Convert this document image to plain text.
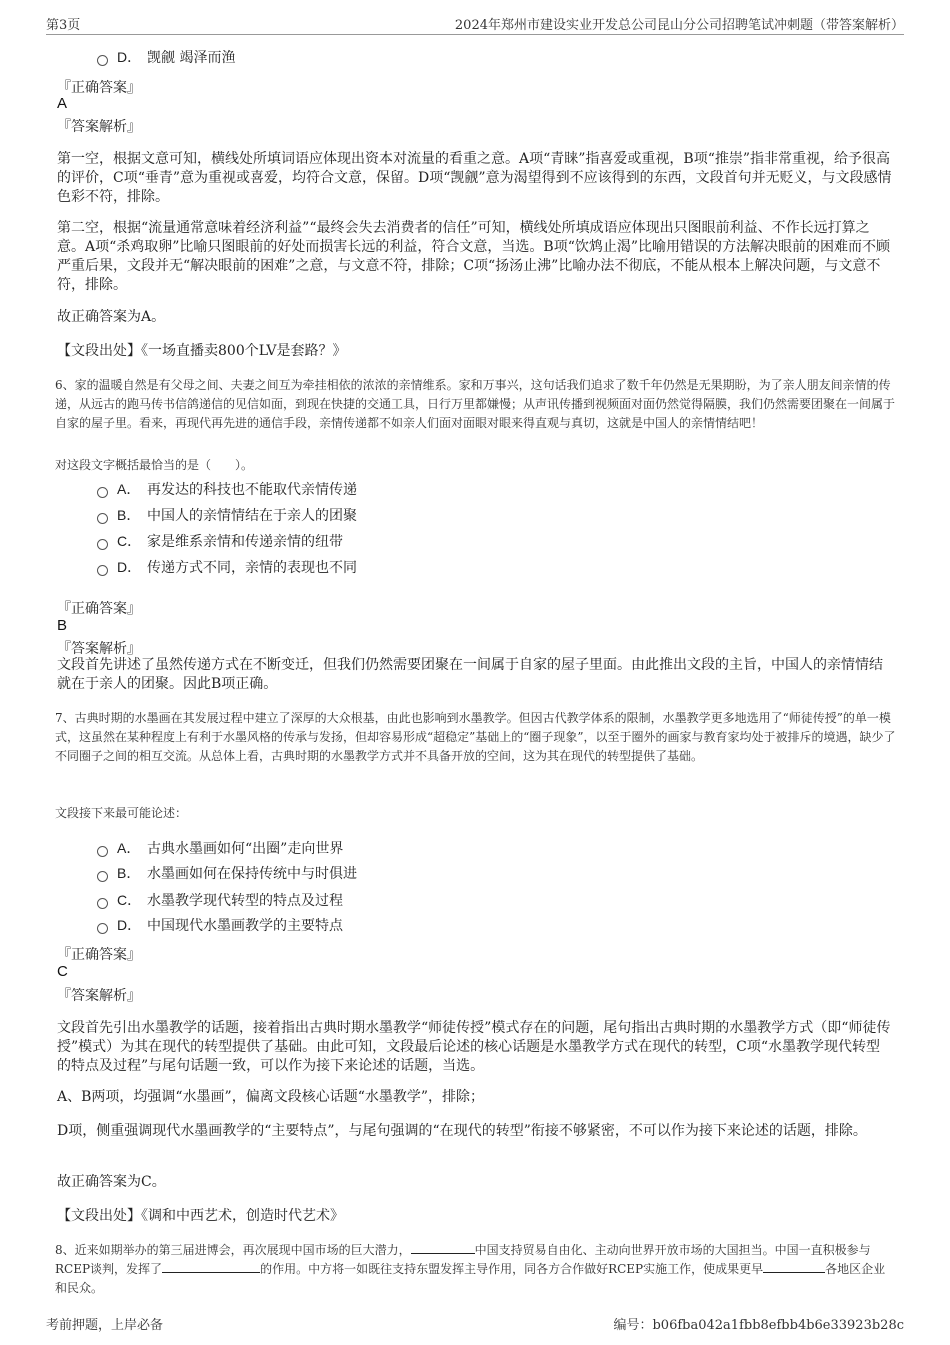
第3页	2024年郑州市建设实业开发总公司昆山分公司招聘笔试冲刺题（带答案解析）
D． 觊觎 竭泽而渔
『正确答案』
A
『答案解析』
第一空，根据文意可知，横线处所填词语应体现出资本对流量的看重之意。A项“青睐”指喜爱或重视，B项“推崇”指非常重视，给予很高的评价，C项“垂青”意为重视或喜爱，均符合文意，保留。D项“觊觎”意为渴望得到不应该得到的东西，文段首句并无贬义，与文段感情色彩不符，排除。
第二空，根据“流量通常意味着经济利益”“最终会失去消费者的信任”可知，横线处所填成语应体现出只图眼前利益、不作长远打算之意。A项“杀鸡取卵”比喻只图眼前的好处而损害长远的利益，符合文意，当选。B项“饮鸩止渴”比喻用错误的方法解决眼前的困难而不顾严重后果，文段并无“解决眼前的困难”之意，与文意不符，排除；C项“扬汤止沸”比喻办法不彻底，不能从根本上解决问题，与文意不符，排除。
故正确答案为A。
【文段出处】《一场直播卖800个LV是套路？》
6、家的温暖自然是有父母之间、夫妻之间互为牵挂相依的浓浓的亲情维系。家和万事兴，这句话我们追求了数千年仍然是无果期盼，为了亲人朋友间亲情的传递，从远古的跑马传书信鸽递信的见信如面，到现在快捷的交通工具，日行万里都嫌慢；从声讯传播到视频面对面仍然觉得隔膜，我们仍然需要团聚在一间属于自家的屋子里。看来，再现代再先进的通信手段，亲情传递都不如亲人们面对面眼对眼来得直观与真切，这就是中国人的亲情情结吧！
对这段文字概括最恰当的是（　　）。
A． 再发达的科技也不能取代亲情传递
B． 中国人的亲情情结在于亲人的团聚
C． 家是维系亲情和传递亲情的纽带
D． 传递方式不同，亲情的表现也不同
『正确答案』
B
『答案解析』
文段首先讲述了虽然传递方式在不断变迁，但我们仍然需要团聚在一间属于自家的屋子里面。由此推出文段的主旨，中国人的亲情情结就在于亲人的团聚。因此B项正确。
7、古典时期的水墨画在其发展过程中建立了深厚的大众根基，由此也影响到水墨教学。但因古代教学体系的限制，水墨教学更多地选用了“师徒传授”的单一模式，这虽然在某种程度上有利于水墨风格的传承与发扬，但却容易形成“超稳定”基础上的“圈子现象”，以至于圈外的画家与教育家均处于被排斥的境遇，缺少了不同圈子之间的相互交流。从总体上看，古典时期的水墨教学方式并不具备开放的空间，这为其在现代的转型提供了基础。
文段接下来最可能论述：
A． 古典水墨画如何“出圈”走向世界
B． 水墨画如何在保持传统中与时俱进
C． 水墨教学现代转型的特点及过程
D． 中国现代水墨画教学的主要特点
『正确答案』
C
『答案解析』
文段首先引出水墨教学的话题，接着指出古典时期水墨教学“师徒传授”模式存在的问题，尾句指出古典时期的水墨教学方式（即“师徒传授”模式）为其在现代的转型提供了基础。由此可知，文段最后论述的核心话题是水墨教学方式在现代的转型，C项“水墨教学现代转型的特点及过程”与尾句话题一致，可以作为接下来论述的话题，当选。
A、B两项，均强调“水墨画”，偏离文段核心话题“水墨教学”，排除；
D项，侧重强调现代水墨画教学的“主要特点”，与尾句强调的“在现代的转型”衔接不够紧密，不可以作为接下来论述的话题，排除。
故正确答案为C。
【文段出处】《调和中西艺术，创造时代艺术》
8、近来如期举办的第三届进博会，再次展现中国市场的巨大潜力，	中国支持贸易自由化、主动向世界开放市场的大国担当。中国一直积极参与RCEP谈判，发挥了	的作用。中方将一如既往支持东盟发挥主导作用，同各方合作做好RCEP实施工作，使成果更早	各地区企业和民众。
考前押题，上岸必备	编号：b06fba042a1fbb8efbb4b6e33923b28c
